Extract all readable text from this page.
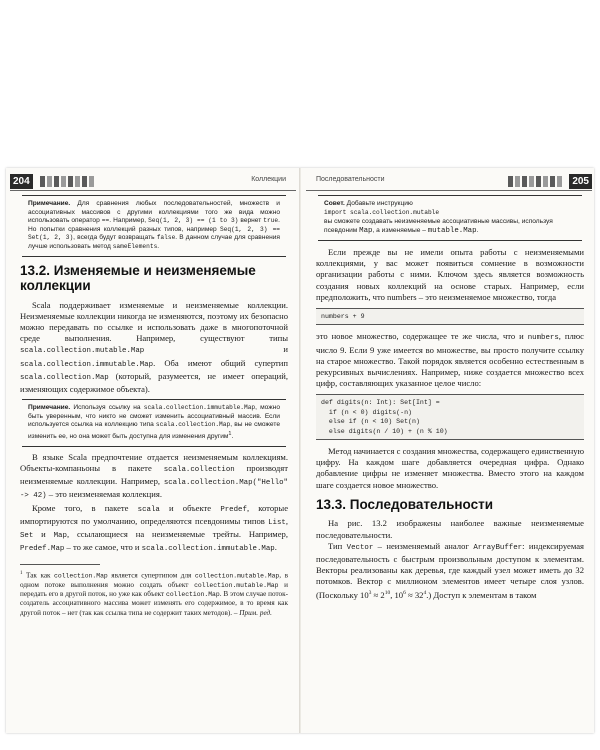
204	Коллекции
Примечание. Для сравнения любых последовательностей, множеств и ассоциативных массивов с другими коллекциями того же вида можно использовать оператор ==. Например, Seq(1, 2, 3) == (1 to 3) вернет true. Но попытки сравнения коллекций разных типов, например Seq(1, 2, 3) == Set(1, 2, 3), всегда будут возвращать false. В данном случае для сравнения лучше использовать метод sameElements.
13.2. Изменяемые и неизменяемые коллекции

Scala поддерживает изменяемые и неизменяемые коллекции. Неизменяемые коллекции никогда не изменяются, поэтому их безопасно можно передавать по ссылке и использовать даже в многопоточной среде выполнения. Например, существуют типы scala.collection.mutable.Map и scala.collection.immutable.Map. Оба имеют общий супертип scala.collection.Map (который, разумеется, не имеет операций, изменяющих содержимое объекта).

Примечание. Используя ссылку на scala.collection.immutable.Map, можно быть уверенным, что никто не сможет изменить ассоциативный массив. Если используется ссылка на коллекцию типа scala.collection.Map, вы не сможете изменить ее, но она может быть доступна для изменения другим$^1$.

В языке Scala предпочтение отдается неизменяемым коллекциям. Объекты-компаньоны в пакете scala.collection производят неизменяемые коллекции. Например, scala.collection.Map("Hello" -> 42) – это неизменяемая коллекция.

Кроме того, в пакете scala и объекте Predef, которые импортируются по умолчанию, определяются псевдонимы типов List, Set и Map, ссылающиеся на неизменяемые трейты. Например, Predef.Map – то же самое, что и scala.collection.immutable.Map.

$^1$ Так как collection.Map является супертипом для collection.mutable.Map, в одном потоке выполнения можно создать объект collection.mutable.Map и передать его в другой поток, но уже как объект collection.Map. В этом случае поток-создатель ассоциативного массива может изменять его содержимое, в то время как другой поток – нет (так как ссылка типа не содержит таких методов). – Прим. ред.

Последовательности	205
Совет. Добавьте инструкцию
import scala.collection.mutable
вы сможете создавать неизменяемые ассоциативные массивы, используя псевдоним Map, а изменяемые – mutable.Map.

Если прежде вы не имели опыта работы с неизменяемыми коллекциями, у вас может появиться сомнение в возможности организации работы с ними. Ключом здесь является возможность создания новых коллекций на основе старых. Например, если предположить, что numbers – это неизменяемое множество, тогда

numbers + 9

это новое множество, содержащее те же числа, что и numbers, плюс число 9. Если 9 уже имеется во множестве, вы просто получите ссылку на старое множество. Такой порядок является особенно естественным в рекурсивных вычислениях. Например, ниже создается множество всех цифр, составляющих указанное целое число:

def digits(n: Int): Set[Int] =
if (n < 0) digits(-n)
else if (n < 10) Set(n)
else digits(n / 10) + (n % 10)

Метод начинается с создания множества, содержащего единственную цифру. На каждом шаге добавляется очередная цифра. Однако добавление цифры не изменяет множества. Вместо этого на каждом шаге создается новое множество.

13.3. Последовательности

На рис. 13.2 изображены наиболее важные неизменяемые последовательности.

Тип Vector – неизменяемый аналог ArrayBuffer: индексируемая последовательность с быстрым произвольным доступом к элементам. Векторы реализованы как деревья, где каждый узел может иметь до 32 потомков. Вектор с миллионом элементов имеет четыре слоя узлов. (Поскольку $10^3 \approx 2^{10}$, $10^6 \approx 32^4$.) Доступ к элементам в таком
